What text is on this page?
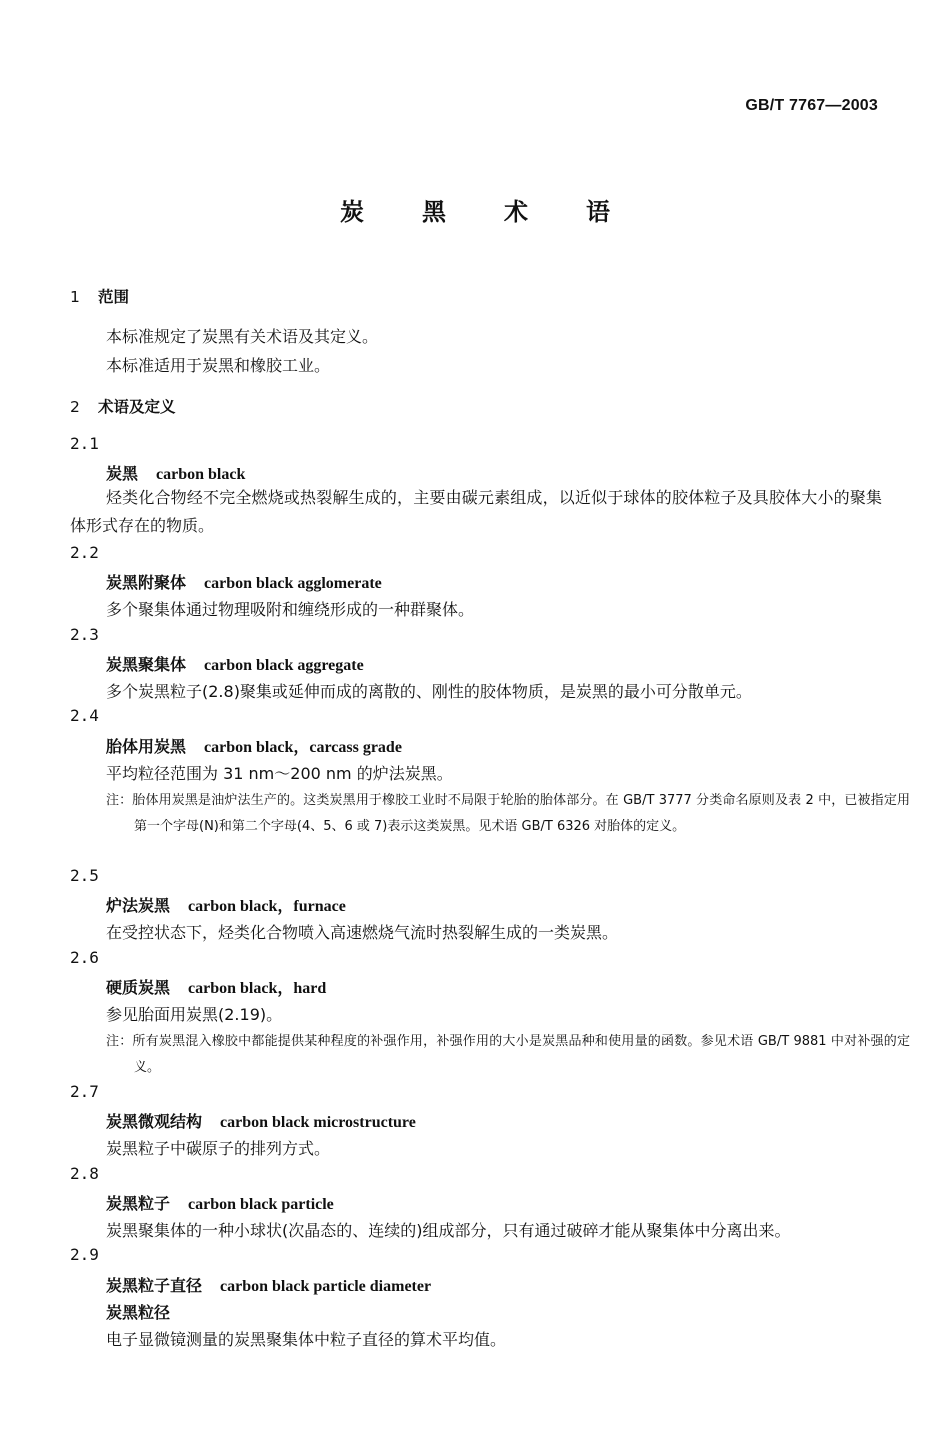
GB/T 7767—2003
炭黑术语
1 范围
本标准规定了炭黑有关术语及其定义。
本标准适用于炭黑和橡胶工业。
2 术语及定义
2.1
炭黑 carbon black
烃类化合物经不完全燃烧或热裂解生成的，主要由碳元素组成，以近似于球体的胶体粒子及具胶体大小的聚集体形式存在的物质。
2.2
炭黑附聚体 carbon black agglomerate
多个聚集体通过物理吸附和缠绕形成的一种群聚体。
2.3
炭黑聚集体 carbon black aggregate
多个炭黑粒子(2.8)聚集或延伸而成的离散的、刚性的胶体物质，是炭黑的最小可分散单元。
2.4
胎体用炭黑 carbon black，carcass grade
平均粒径范围为 31 nm～200 nm 的炉法炭黑。
注：胎体用炭黑是油炉法生产的。这类炭黑用于橡胶工业时不局限于轮胎的胎体部分。在 GB/T 3777 分类命名原则及表 2 中，已被指定用第一个字母(N)和第二个字母(4、5、6 或 7)表示这类炭黑。见术语 GB/T 6326 对胎体的定义。
2.5
炉法炭黑 carbon black，furnace
在受控状态下，烃类化合物喷入高速燃烧气流时热裂解生成的一类炭黑。
2.6
硬质炭黑 carbon black，hard
参见胎面用炭黑(2.19)。
注：所有炭黑混入橡胶中都能提供某种程度的补强作用，补强作用的大小是炭黑品种和使用量的函数。参见术语 GB/T 9881 中对补强的定义。
2.7
炭黑微观结构 carbon black microstructure
炭黑粒子中碳原子的排列方式。
2.8
炭黑粒子 carbon black particle
炭黑聚集体的一种小球状(次晶态的、连续的)组成部分，只有通过破碎才能从聚集体中分离出来。
2.9
炭黑粒子直径 carbon black particle diameter
炭黑粒径
电子显微镜测量的炭黑聚集体中粒子直径的算术平均值。
